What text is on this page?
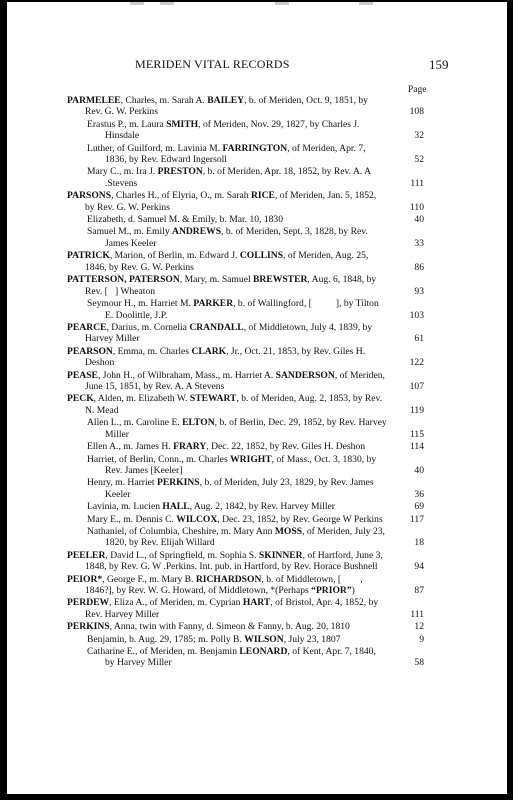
MERIDEN VITAL RECORDS	159
Page
PARMELEE, Charles, m. Sarah A. BAILEY, b. of Meriden, Oct. 9, 1851, by Rev. G. W. Perkins	108
Erastus P., m. Laura SMITH, of Meriden, Nov. 29, 1827, by Charles J. Hinsdale	32
Luther, of Guilford, m. Lavinia M. FARRINGTON, of Meriden, Apr. 7, 1836, by Rev. Edward Ingersoll	52
Mary C., m. Ira J. PRESTON, b. of Meriden, Apr. 18, 1852, by Rev. A. A .Stevens	111
PARSONS, Charles H., of Elyria, O., m. Sarah RICE, of Meriden, Jan. 5, 1852, by Rev. G. W. Perkins	110
Elizabeth, d. Samuel M. & Emily, b. Mar. 10, 1830	40
Samuel M., m. Emily ANDREWS, b. of Meriden, Sept. 3, 1828, by Rev. James Keeler	33
PATRICK, Marion, of Berlin, m. Edward J. COLLINS, of Meriden, Aug. 25, 1846, by Rev. G. W. Perkins	86
PATTERSON, PATERSON, Mary, m. Samuel BREWSTER, Aug. 6, 1848, by Rev. [   ] Wheaton	93
Seymour H., m. Harriet M. PARKER, b. of Wallingford, [          ], by Tilton E. Doolittle, J.P.	103
PEARCE, Darius, m. Cornelia CRANDALL, of Middletown, July 4, 1839, by Harvey Miller	61
PEARSON, Emma, m. Charles CLARK, Jr., Oct. 21, 1853, by Rev. Giles H. Deshon	122
PEASE, John H., of Wilbraham, Mass., m. Harriet A. SANDERSON, of Meriden, June 15, 1851, by Rev. A. A Stevens	107
PECK, Alden, m. Elizabeth W. STEWART, b. of Meriden, Aug. 2, 1853, by Rev. N. Mead	119
Allen L., m. Caroline E. ELTON, b. of Berlin, Dec. 29, 1852, by Rev. Harvey Miller	115
Ellen A., m. James H. FRARY, Dec. 22, 1852, by Rev. Giles H. Deshon	114
Harriet, of Berlin, Conn., m. Charles WRIGHT, of Mass., Oct. 3, 1830, by Rev. James [Keeler]	40
Henry, m. Harriet PERKINS, b. of Meriden, July 23, 1829, by Rev. James Keeler	36
Lavinia, m. Lucien HALL, Aug. 2, 1842, by Rev. Harvey Miller	69
Mary E., m. Dennis C. WILCOX, Dec. 23, 1852, by Rev. George W Perkins	117
Nathaniel, of Columbia, Cheshire, m. Mary Ann MOSS, of Meriden, July 23, 1820, by Rev. Elijah Willard	18
PEELER, David L., of Springfield, m. Sophia S. SKINNER, of Hartford, June 3, 1848, by Rev. G. W .Perkins. Int. pub. in Hartford, by Rev. Horace Bushnell	94
PEIOR*, George F., m. Mary B. RICHARDSON, b. of Middletown, [        , 1846?], by Rev. W. G. Howard, of Middletown, *(Perhaps “PRIOR”)	87
PERDEW, Eliza A., of Meriden, m. Cyprian HART, of Bristol, Apr. 4, 1852, by Rev. Harvey Miller	111
PERKINS, Anna, twin with Fanny, d. Simeon & Fanny, b. Aug. 20, 1810	12
Benjamin, b. Aug. 29, 1785; m. Polly B. WILSON, July 23, 1807	9
Catharine E., of Meriden, m. Benjamin LEONARD, of Kent, Apr. 7, 1840, by Harvey Miller	58
